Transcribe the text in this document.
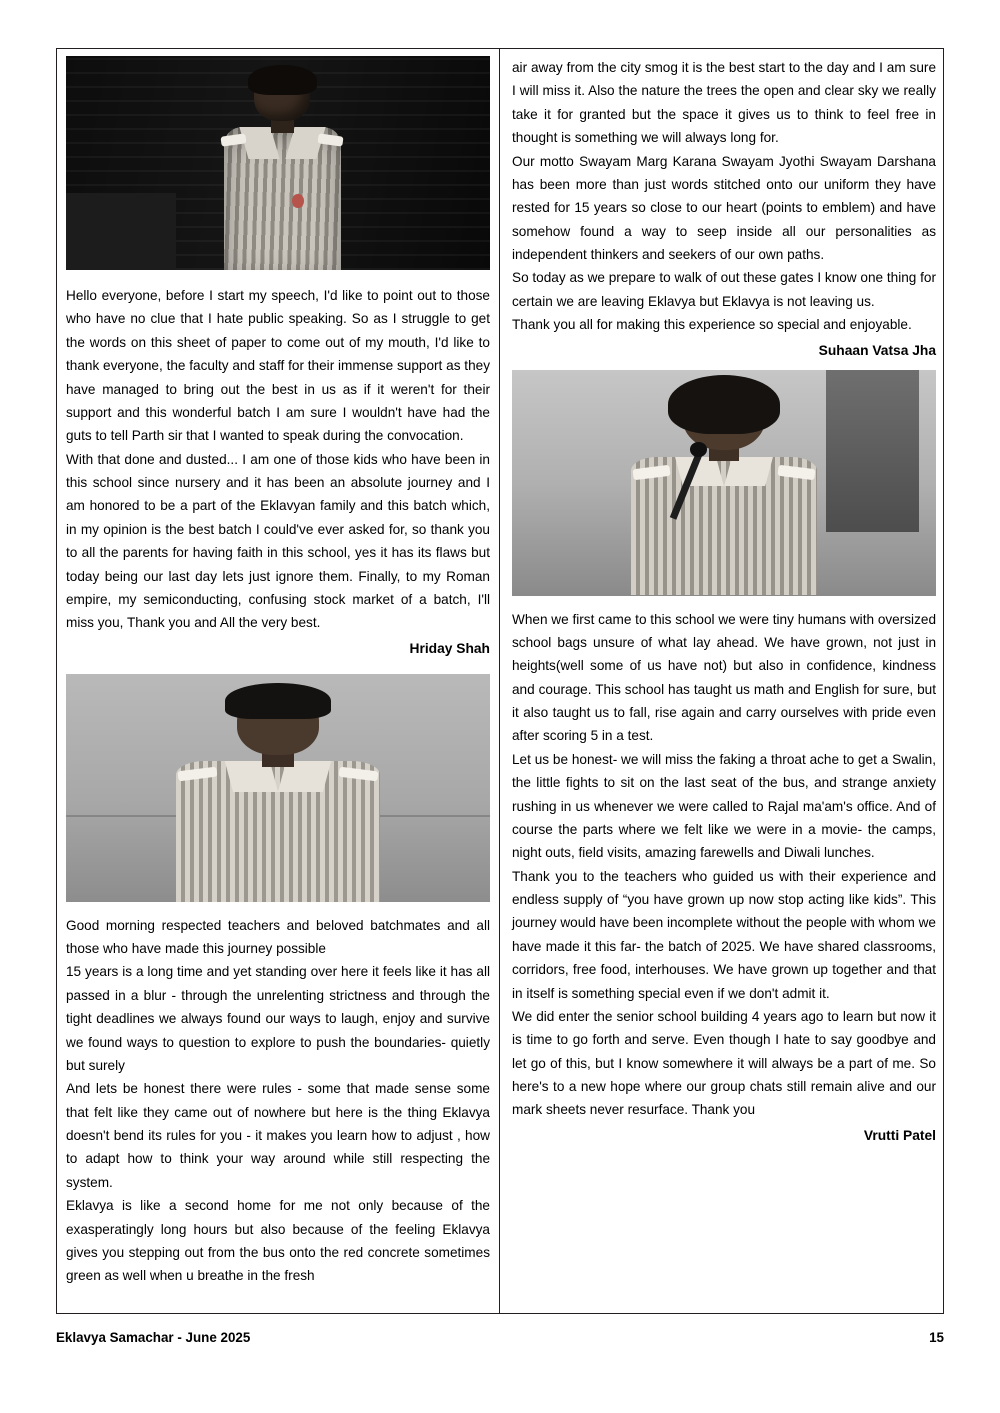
Hello everyone, before I start my speech, I'd like to point out to those who have no clue that I hate public speaking. So as I struggle to get the words on this sheet of paper to come out of my mouth, I'd like to thank everyone, the faculty and staff for their immense support as they have managed to bring out the best in us as if it weren't for their support and this wonderful batch I am sure I wouldn't have had the guts to tell Parth sir that I wanted to speak during the convocation.

With that done and dusted... I am one of those kids who have been in this school since nursery and it has been an absolute journey and I am honored to be a part of the Eklavyan family and this batch which, in my opinion is the best batch I could've ever asked for, so thank you to all the parents for having faith in this school, yes it has its flaws but today being our last day lets just ignore them. Finally, to my Roman empire, my semiconducting, confusing stock market of a batch, I'll miss you, Thank you and All the very best.

Hriday Shah

Good morning respected teachers and beloved batchmates and all those who have made this journey possible

15 years is a long time and yet standing over here it feels like it has all passed in a blur - through the unrelenting strictness and through the tight deadlines we always found our ways to laugh, enjoy and survive we found ways to question to explore to push the boundaries- quietly but surely

And lets be honest there were rules - some that made sense some that felt like they came out of nowhere but here is the thing Eklavya doesn't bend its rules for you - it makes you learn how to adjust , how to adapt how to think your way around while still respecting the system.

Eklavya is like a second home for me not only because of the exasperatingly long hours but also because of the feeling Eklavya gives you stepping out from the bus onto the red concrete sometimes green as well when u breathe in the fresh

air away from the city smog it is the best start to the day and I am sure I will miss it. Also the nature the trees the open and clear sky we really take it for granted but the space it gives us to think to feel free in thought is something we will always long for.

Our motto Swayam Marg Karana Swayam Jyothi Swayam Darshana has been more than just words stitched onto our uniform they have rested for 15 years so close to our heart (points to emblem) and have somehow found a way to seep inside all our personalities as independent thinkers and seekers of our own paths.

So today as we prepare to walk of out these gates I know one thing for certain we are leaving Eklavya but Eklavya is not leaving us.

Thank you all for making this experience so special and enjoyable.

Suhaan Vatsa Jha

When we first came to this school we were tiny humans with oversized school bags unsure of what lay ahead. We have grown, not just in heights(well some of us have not) but also in confidence, kindness and courage. This school has taught us math and English for sure, but it also taught us to fall, rise again and carry ourselves with pride even after scoring 5 in a test.

Let us be honest- we will miss the faking a throat ache to get a Swalin, the little fights to sit on the last seat of the bus, and strange anxiety rushing in us whenever we were called to Rajal ma'am's office. And of course the parts where we felt like we were in a movie- the camps, night outs, field visits, amazing farewells and Diwali lunches.

Thank you to the teachers who guided us with their experience and endless supply of “you have grown up now stop acting like kids”. This journey would have been incomplete without the people with whom we have made it this far- the batch of 2025. We have shared classrooms, corridors, free food, interhouses. We have grown up together and that in itself is something special even if we don't admit it.

We did enter the senior school building 4 years ago to learn but now it is time to go forth and serve. Even though I hate to say goodbye and let go of this, but I know somewhere it will always be a part of me. So here's to a new hope where our group chats still remain alive and our mark sheets never resurface. Thank you

Vrutti Patel

Eklavya Samachar - June 2025	15
